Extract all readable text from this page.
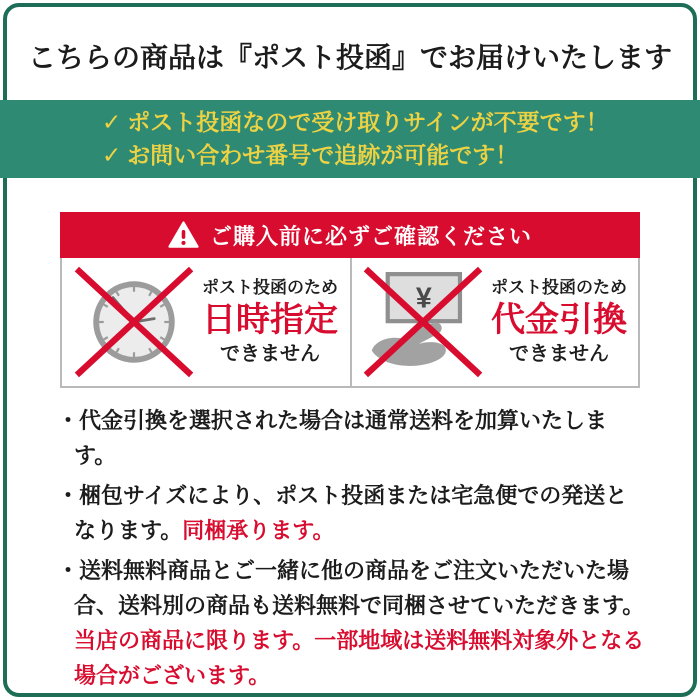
こちらの商品は『ポスト投函』でお届けいたします
✓ ポスト投函なので受け取りサインが不要です！
✓ お問い合わせ番号で追跡が可能です！
ご購入前に必ずご確認ください
ポスト投函のため
日時指定
できません
¥	ポスト投函のため
代金引換
できません
・代金引換を選択された場合は通常送料を加算いたします。
・梱包サイズにより、ポスト投函または宅急便での発送となります。同梱承ります。
・送料無料商品とご一緒に他の商品をご注文いただいた場合、送料別の商品も送料無料で同梱させていただきます。当店の商品に限ります。一部地域は送料無料対象外となる場合がございます。
